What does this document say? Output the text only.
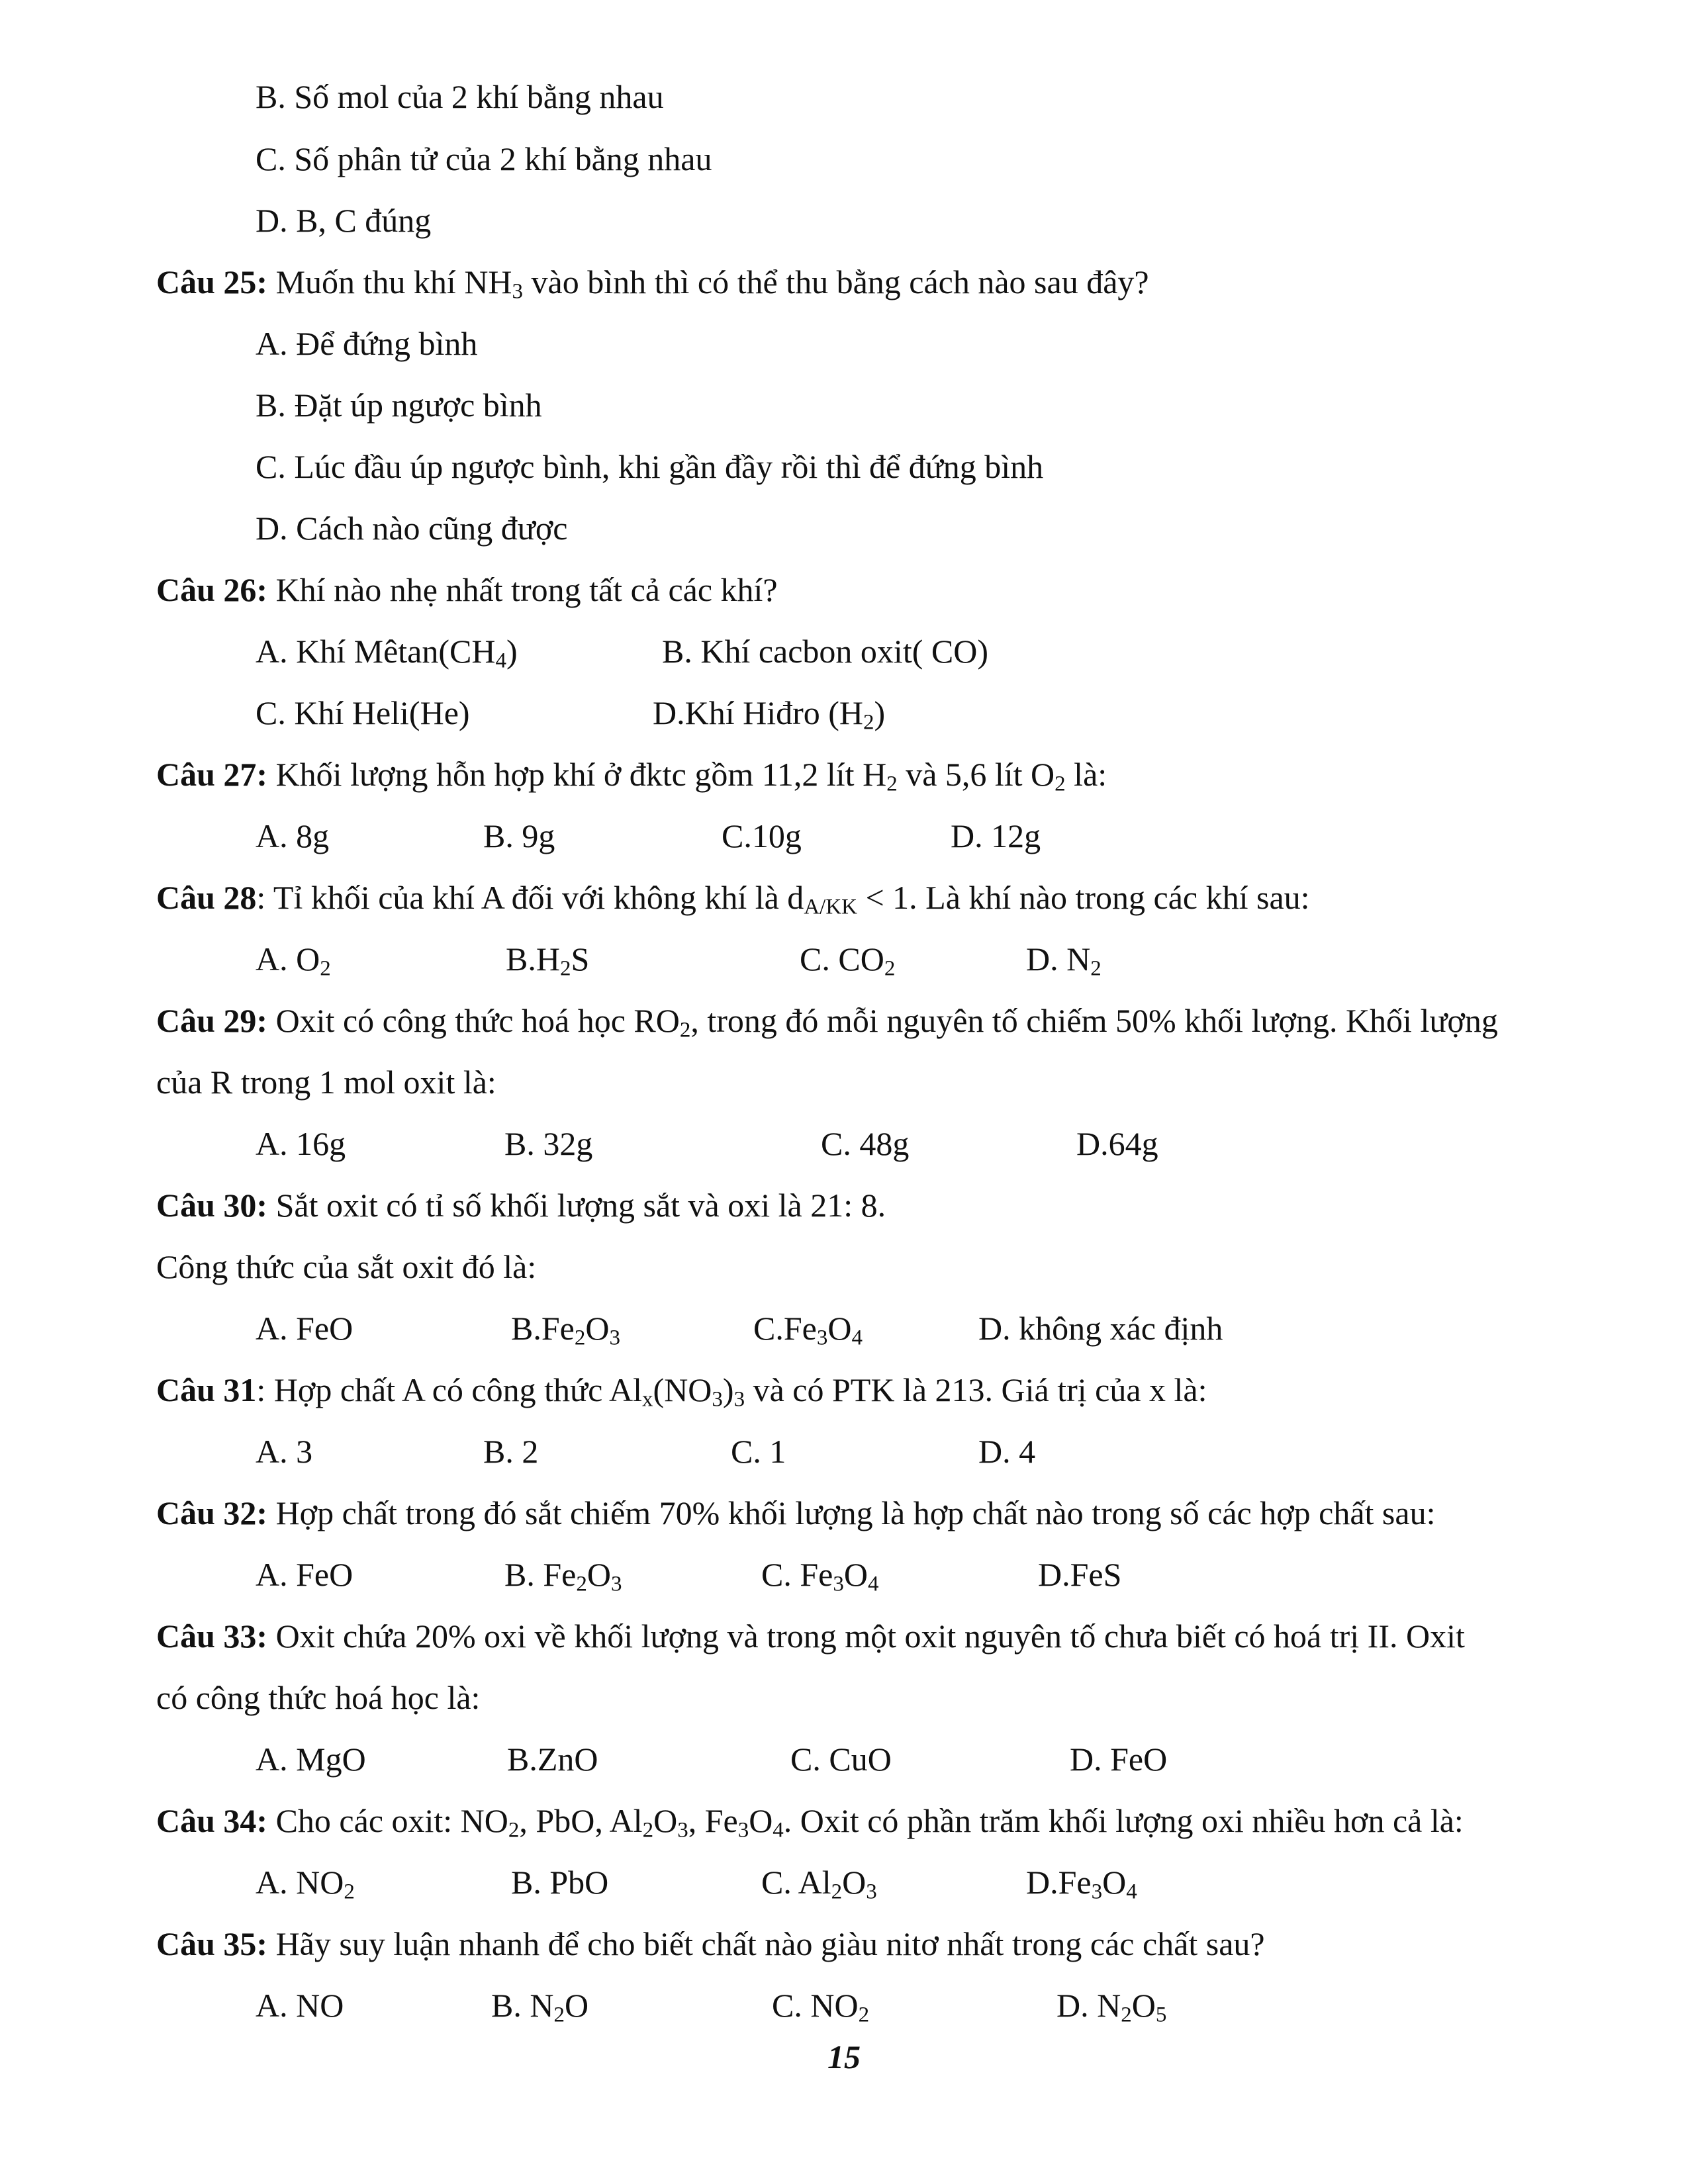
B. Số mol của 2 khí bằng nhau
C. Số phân tử của 2 khí bằng nhau
D. B, C đúng
Câu 25: Muốn thu khí $NH_3$ vào bình thì có thể thu bằng cách nào sau đây?
A. Để đứng bình
B. Đặt úp ngược bình
C. Lúc đầu úp ngược bình, khi gần đầy rồi thì để đứng bình
D. Cách nào cũng được
Câu 26: Khí nào nhẹ nhất trong tất cả các khí?
A. Khí $Mê\tan(CH_4)$	B. Khí cacbon oxit( CO)
C. Khí Heli(He)	D.Khí Hiđro $(H_2)$
Câu 27: Khối lượng hỗn hợp khí ở đktc gồm 11,2 lít $H_2$ và 5,6 lít $O_2$ là:
A. 8g	B. 9g	C.10g	D. 12g
Câu 28: Tỉ khối của khí A đối với không khí là $d_{A/KK} < 1$. Là khí nào trong các khí sau:
A. $O_2$	$B.H_2S$	C. $CO_2$	D. $N_2$
Câu 29: Oxit có công thức hoá học $RO_2$, trong đó mỗi nguyên tố chiếm 50% khối lượng. Khối lượng
của R trong 1 mol oxit là:
A. 16g	B. 32g	C. 48g	D.64g
Câu 30: Sắt oxit có tỉ số khối lượng sắt và oxi là 21: 8.
Công thức của sắt oxit đó là:
A. FeO	$B.Fe_2O_3$	$C.Fe_3O_4$	D. không xác định
Câu 31: Hợp chất A có công thức $Al_x(NO_3)_3$ và có PTK là 213. Giá trị của x là:
A. 3	B. 2	C. 1	D. 4
Câu 32: Hợp chất trong đó sắt chiếm 70% khối lượng là hợp chất nào trong số các hợp chất sau:
A. FeO	B. $Fe_2O_3$	C. $Fe_3O_4$	D.FeS
Câu 33: Oxit chứa 20% oxi về khối lượng và trong một oxit nguyên tố chưa biết có hoá trị II. Oxit
có công thức hoá học là:
A. MgO	B.ZnO	C. CuO	D. FeO
Câu 34: Cho các oxit: $NO_2$, PbO, $Al_2O_3$, $Fe_3O_4$. Oxit có phần trăm khối lượng oxi nhiều hơn cả là:
A. $NO_2$	B. PbO	C. $Al_2O_3$	$D.Fe_3O_4$
Câu 35: Hãy suy luận nhanh để cho biết chất nào giàu nitơ nhất trong các chất sau?
A. NO	B. $N_2O$	C. $NO_2$	D. $N_2O_5$
15
